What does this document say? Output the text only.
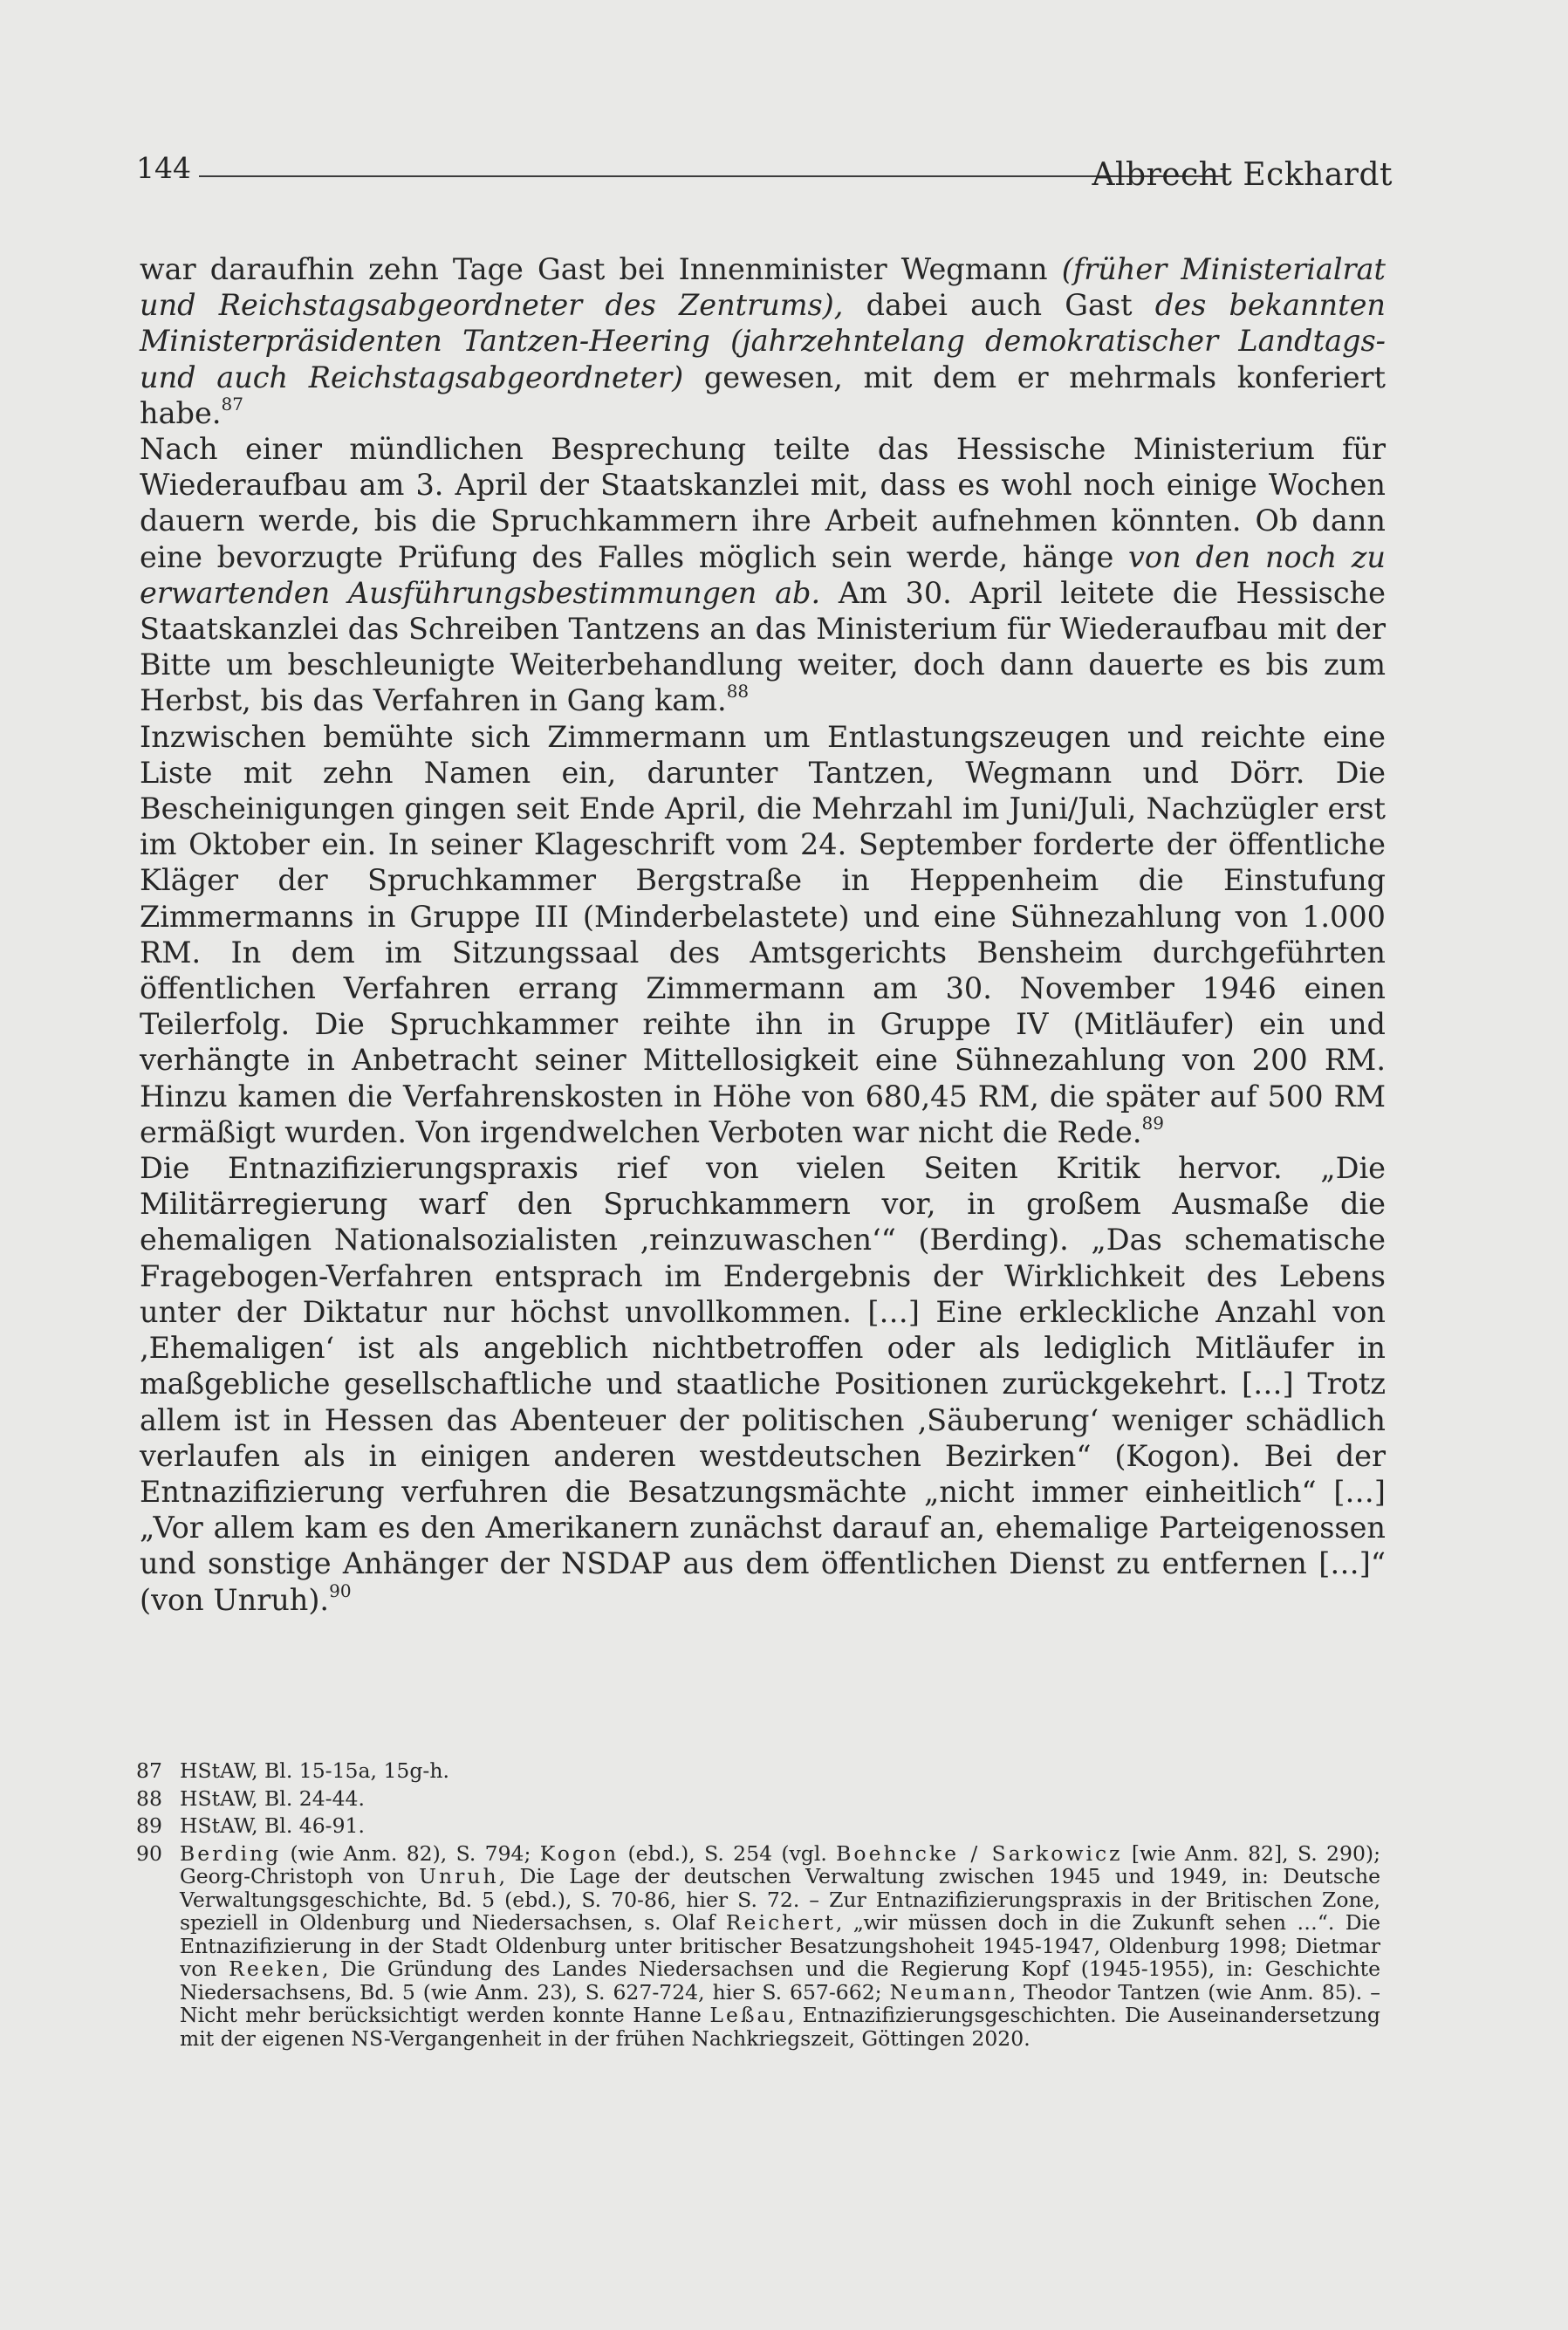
144	Albrecht Eckhardt

war daraufhin zehn Tage Gast bei Innenminister Wegmann (früher Ministerialrat und Reichstagsabgeordneter des Zentrums), dabei auch Gast des bekannten Ministerpräsidenten Tantzen-Heering (jahrzehntelang demokratischer Landtags- und auch Reichstagsabgeordneter) gewesen, mit dem er mehrmals konferiert habe.$^{87}$

Nach einer mündlichen Besprechung teilte das Hessische Ministerium für Wiederaufbau am 3. April der Staatskanzlei mit, dass es wohl noch einige Wochen dauern werde, bis die Spruchkammern ihre Arbeit aufnehmen könnten. Ob dann eine bevorzugte Prüfung des Falles möglich sein werde, hänge von den noch zu erwartenden Ausführungsbestimmungen ab. Am 30. April leitete die Hessische Staatskanzlei das Schreiben Tantzens an das Ministerium für Wiederaufbau mit der Bitte um beschleunigte Weiterbehandlung weiter, doch dann dauerte es bis zum Herbst, bis das Verfahren in Gang kam.$^{88}$

Inzwischen bemühte sich Zimmermann um Entlastungszeugen und reichte eine Liste mit zehn Namen ein, darunter Tantzen, Wegmann und Dörr. Die Bescheinigungen gingen seit Ende April, die Mehrzahl im Juni/Juli, Nachzügler erst im Oktober ein. In seiner Klageschrift vom 24. September forderte der öffentliche Kläger der Spruchkammer Bergstraße in Heppenheim die Einstufung Zimmermanns in Gruppe III (Minderbelastete) und eine Sühnezahlung von 1.000 RM. In dem im Sitzungssaal des Amtsgerichts Bensheim durchgeführten öffentlichen Verfahren errang Zimmermann am 30. November 1946 einen Teilerfolg. Die Spruchkammer reihte ihn in Gruppe IV (Mitläufer) ein und verhängte in Anbetracht seiner Mittellosigkeit eine Sühnezahlung von 200 RM. Hinzu kamen die Verfahrenskosten in Höhe von 680,45 RM, die später auf 500 RM ermäßigt wurden. Von irgendwelchen Verboten war nicht die Rede.$^{89}$

Die Entnazifizierungspraxis rief von vielen Seiten Kritik hervor. „Die Militärregierung warf den Spruchkammern vor, in großem Ausmaße die ehemaligen Nationalsozialisten ‚reinzuwaschen‘“ (Berding). „Das schematische Fragebogen-Verfahren entsprach im Endergebnis der Wirklichkeit des Lebens unter der Diktatur nur höchst unvollkommen. […] Eine erkleckliche Anzahl von ‚Ehemaligen‘ ist als angeblich nichtbetroffen oder als lediglich Mitläufer in maßgebliche gesellschaftliche und staatliche Positionen zurückgekehrt. […] Trotz allem ist in Hessen das Abenteuer der politischen ‚Säuberung‘ weniger schädlich verlaufen als in einigen anderen westdeutschen Bezirken“ (Kogon). Bei der Entnazifizierung verfuhren die Besatzungsmächte „nicht immer einheitlich“ […] „Vor allem kam es den Amerikanern zunächst darauf an, ehemalige Parteigenossen und sonstige Anhänger der NSDAP aus dem öffentlichen Dienst zu entfernen […]“ (von Unruh).$^{90}$

87 HStAW, Bl. 15-15a, 15g-h.
88 HStAW, Bl. 24-44.
89 HStAW, Bl. 46-91.
90 Berding (wie Anm. 82), S. 794; Kogon (ebd.), S. 254 (vgl. Boehncke / Sarkowicz [wie Anm. 82], S. 290); Georg-Christoph von Unruh, Die Lage der deutschen Verwaltung zwischen 1945 und 1949, in: Deutsche Verwaltungsgeschichte, Bd. 5 (ebd.), S. 70-86, hier S. 72. – Zur Entnazifizierungspraxis in der Britischen Zone, speziell in Oldenburg und Niedersachsen, s. Olaf Reichert, „wir müssen doch in die Zukunft sehen …“. Die Entnazifizierung in der Stadt Oldenburg unter britischer Besatzungshoheit 1945-1947, Oldenburg 1998; Dietmar von Reeken, Die Gründung des Landes Niedersachsen und die Regierung Kopf (1945-1955), in: Geschichte Niedersachsens, Bd. 5 (wie Anm. 23), S. 627-724, hier S. 657-662; Neumann, Theodor Tantzen (wie Anm. 85). – Nicht mehr berücksichtigt werden konnte Hanne Leßau, Entnazifizierungsgeschichten. Die Auseinandersetzung mit der eigenen NS-Vergangenheit in der frühen Nachkriegszeit, Göttingen 2020.
